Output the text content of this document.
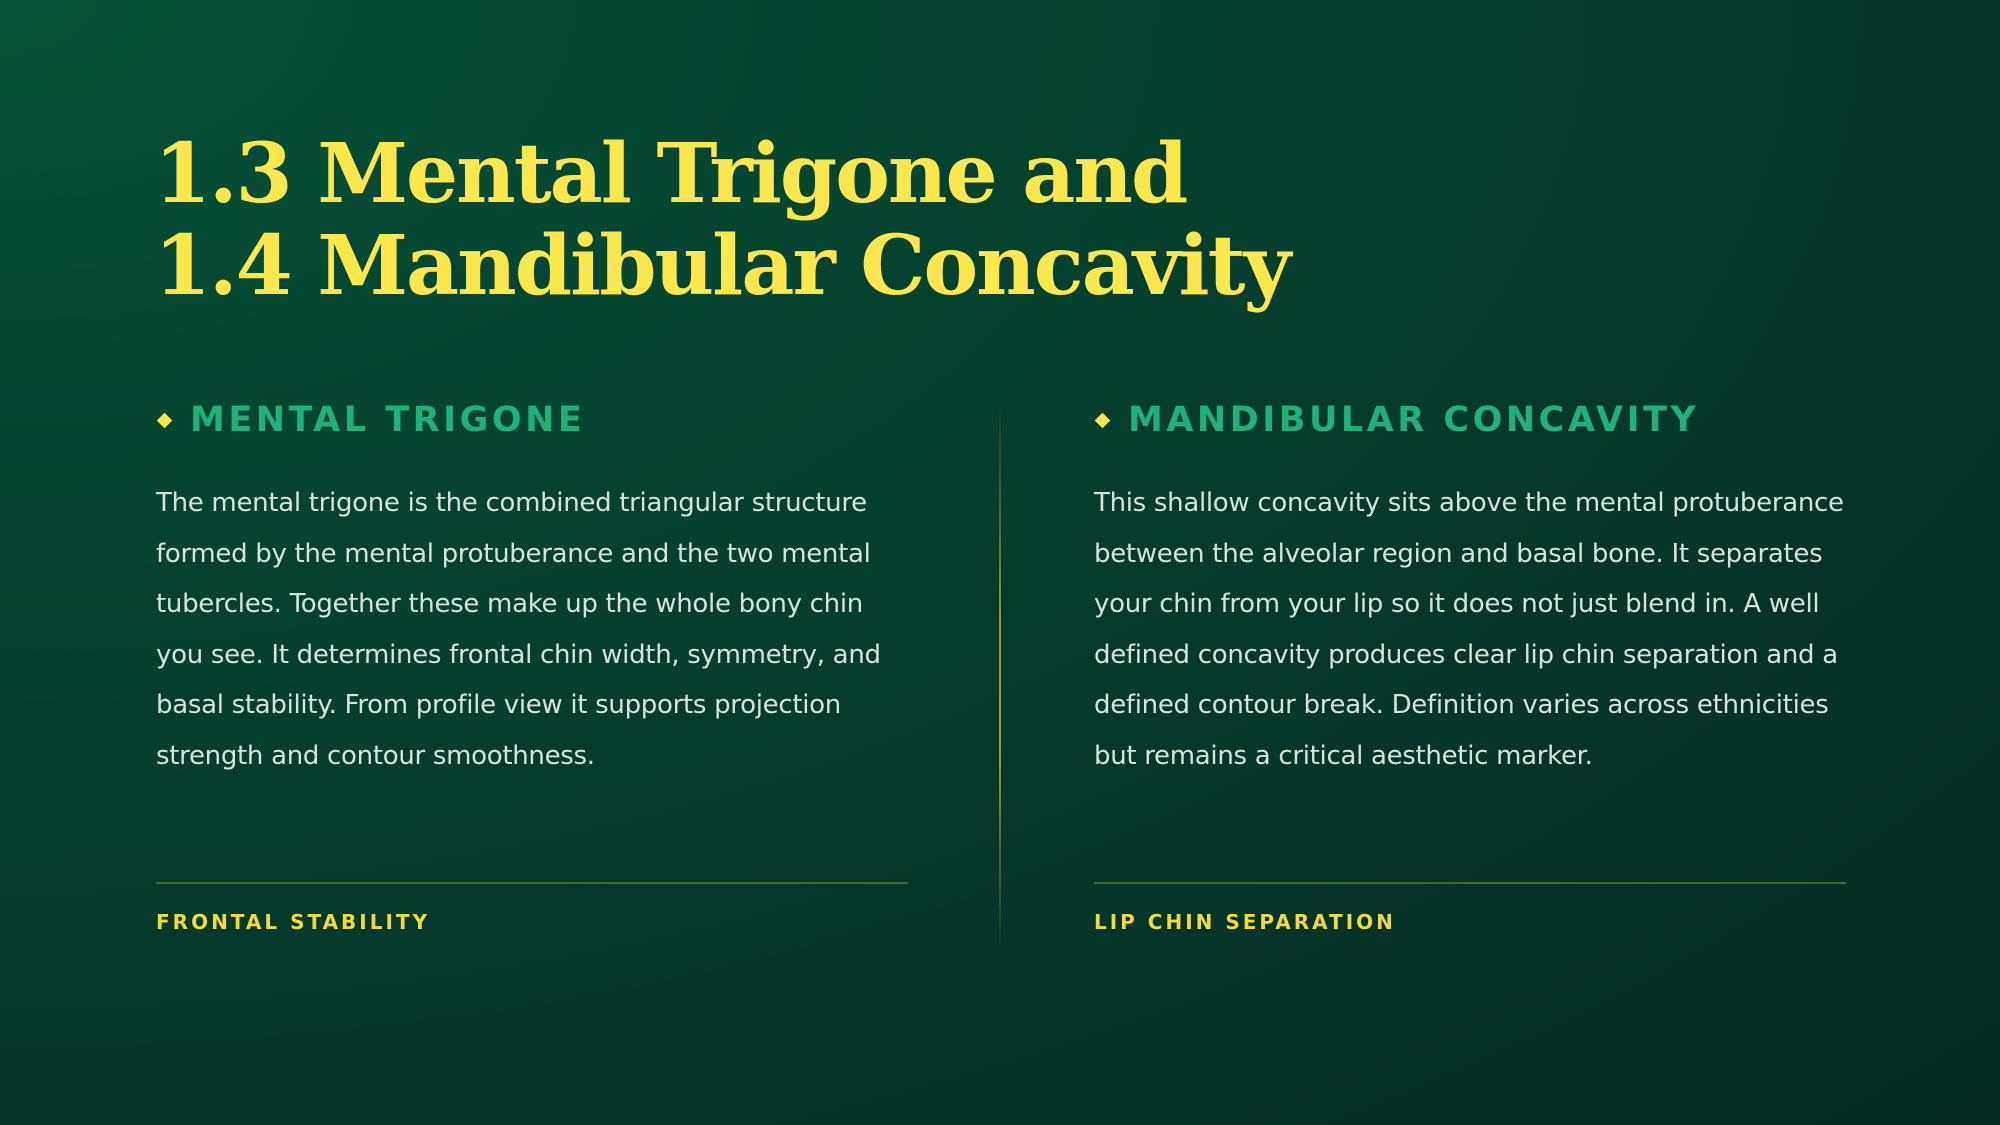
1.3 Mental Trigone and
1.4 Mandibular Concavity
MENTAL TRIGONE
The mental trigone is the combined triangular structure formed by the mental protuberance and the two mental tubercles. Together these make up the whole bony chin you see. It determines frontal chin width, symmetry, and basal stability. From profile view it supports projection strength and contour smoothness.
FRONTAL STABILITY
MANDIBULAR CONCAVITY
This shallow concavity sits above the mental protuberance between the alveolar region and basal bone. It separates your chin from your lip so it does not just blend in. A well defined concavity produces clear lip chin separation and a defined contour break. Definition varies across ethnicities but remains a critical aesthetic marker.
LIP CHIN SEPARATION
